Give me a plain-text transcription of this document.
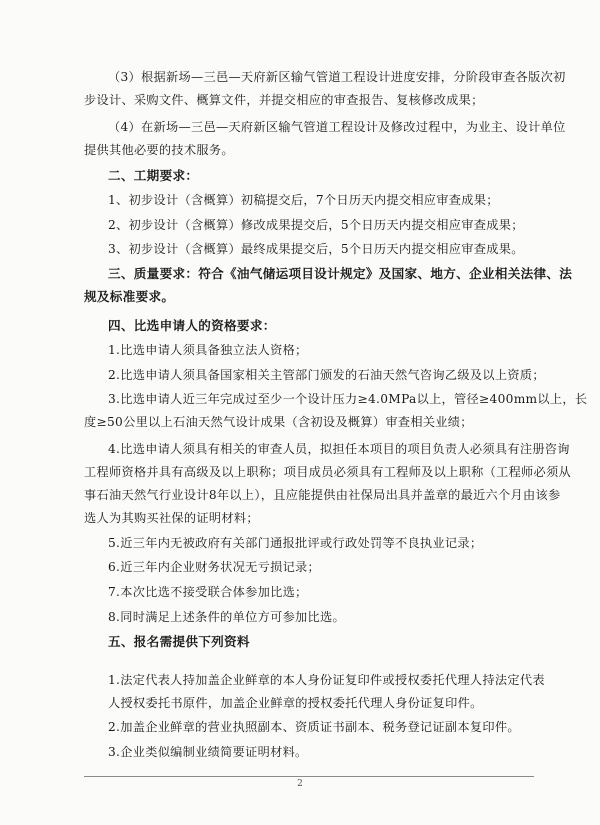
（3）根据新场—三邑—天府新区输气管道工程设计进度安排，分阶段审查各版次初
步设计、采购文件、概算文件，并提交相应的审查报告、复核修改成果；
（4）在新场—三邑—天府新区输气管道工程设计及修改过程中，为业主、设计单位
提供其他必要的技术服务。
二、工期要求：
1、初步设计（含概算）初稿提交后，7个日历天内提交相应审查成果；
2、初步设计（含概算）修改成果提交后，5个日历天内提交相应审查成果；
3、初步设计（含概算）最终成果提交后，5个日历天内提交相应审查成果。
三、质量要求：符合《油气储运项目设计规定》及国家、地方、企业相关法律、法
规及标准要求。
四、比选申请人的资格要求：
1.比选申请人须具备独立法人资格；
2.比选申请人须具备国家相关主管部门颁发的石油天然气咨询乙级及以上资质；
3.比选申请人近三年完成过至少一个设计压力≥4.0MPa以上，管径≥400mm以上，长
度≥50公里以上石油天然气设计成果（含初设及概算）审查相关业绩；
4.比选申请人须具有相关的审查人员，拟担任本项目的项目负责人必须具有注册咨询
工程师资格并具有高级及以上职称；项目成员必须具有工程师及以上职称（工程师必须从
事石油天然气行业设计8年以上），且应能提供由社保局出具并盖章的最近六个月由该参
选人为其购买社保的证明材料；
5.近三年内无被政府有关部门通报批评或行政处罚等不良执业记录；
6.近三年内企业财务状况无亏损记录；
7.本次比选不接受联合体参加比选；
8.同时满足上述条件的单位方可参加比选。
五、报名需提供下列资料
1.法定代表人持加盖企业鲜章的本人身份证复印件或授权委托代理人持法定代表
人授权委托书原件，加盖企业鲜章的授权委托代理人身份证复印件。
2.加盖企业鲜章的营业执照副本、资质证书副本、税务登记证副本复印件。
3.企业类似编制业绩简要证明材料。
2
